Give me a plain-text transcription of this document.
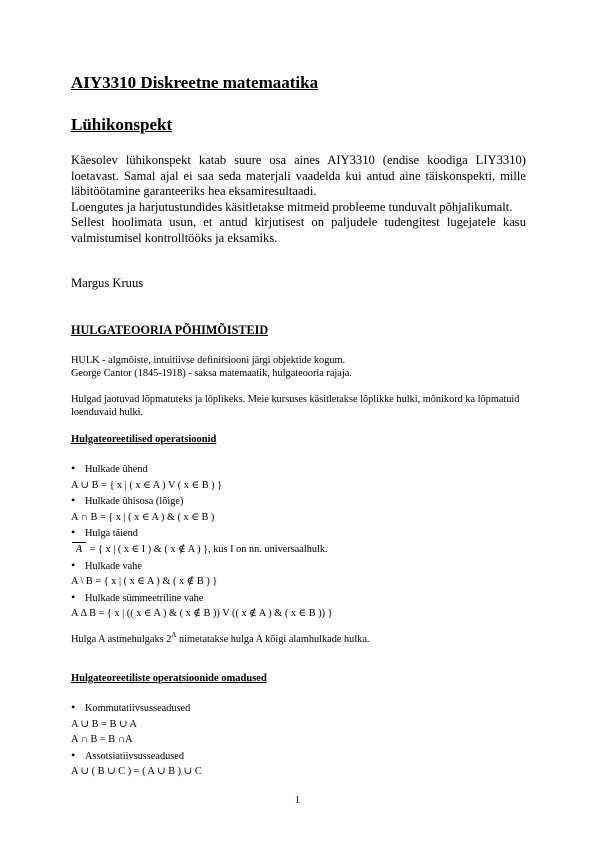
AIY3310 Diskreetne matemaatika
Lühikonspekt

Käesolev lühikonspekt katab suure osa aines AIY3310 (endise koodiga LIY3310) loetavast. Samal ajal ei saa seda materjali vaadelda kui antud aine täiskonspekti, mille läbitöötamine garanteeriks hea eksamiresultaadi.

Loengutes ja harjutustundides käsitletakse mitmeid probleeme tunduvalt põhjalikumalt.

Sellest hoolimata usun, et antud kirjutisest on paljudele tudengitest lugejatele kasu valmistumisel kontrolltööks ja eksamiks.

Margus Kruus
HULGATEOORIA PÕHIMÕISTEID

HULK - algmõiste, intuitiivse definitsiooni järgi objektide kogum.

George Cantor (1845-1918) - saksa matemaatik, hulgateooria rajaja.

Hulgad jaotuvad lõpmatuteks ja lõplikeks. Meie kursuses käsitletakse lõplikke hulki, mõnikord ka lõpmatuid loenduvaid hulki.
Hulgateoreetilised operatsioonid
•Hulkade ühend
A ∪ B = { x | ( x ∈ A ) V ( x ∈ B ) }
•Hulkade ühisosa (lõige)
A ∩ B = { x | ( x ∈ A ) & ( x ∈ B )
•Hulga täiend
A = { x | ( x ∈ I ) & ( x ∉ A ) }, kus I on nn. universaalhulk.
•Hulkade vahe
A \ B = { x | ( x ∈ A ) & ( x ∉ B ) }
•Hulkade sümmeetriline vahe
A Δ B = { x | (( x ∈ A ) & ( x ∉ B )) V (( x ∉ A ) & ( x ∈ B )) }
Hulga A astmehulgaks $2^A$ nimetatakse hulga A kõigi alamhulkade hulka.
Hulgateoreetiliste operatsioonide omadused
•Kommutatiivsusseadused
A ∪ B = B ∪ A
A ∩ B = B ∩A
•Assotsiatiivsusseadused
A ∪ ( B ∪ C ) = ( A ∪ B ) ∪ C
1
